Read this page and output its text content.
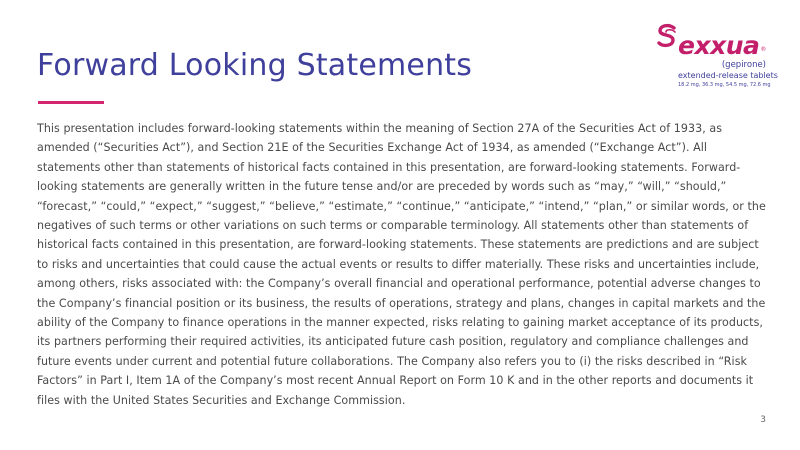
Forward Looking Statements
exxua®
(gepirone)
extended-release tablets
18.2 mg, 36.3 mg, 54.5 mg, 72.6 mg

This presentation includes forward-looking statements within the meaning of Section 27A of the Securities Act of 1933, as amended (“Securities Act”), and Section 21E of the Securities Exchange Act of 1934, as amended (“Exchange Act”). All statements other than statements of historical facts contained in this presentation, are forward-looking statements. Forward-looking statements are generally written in the future tense and/or are preceded by words such as “may,” “will,” “should,” “forecast,” “could,” “expect,” “suggest,” “believe,” “estimate,” “continue,” “anticipate,” “intend,” “plan,” or similar words, or the negatives of such terms or other variations on such terms or comparable terminology. All statements other than statements of historical facts contained in this presentation, are forward-looking statements. These statements are predictions and are subject to risks and uncertainties that could cause the actual events or results to differ materially. These risks and uncertainties include, among others, risks associated with: the Company’s overall financial and operational performance, potential adverse changes to the Company’s financial position or its business, the results of operations, strategy and plans, changes in capital markets and the ability of the Company to finance operations in the manner expected, risks relating to gaining market acceptance of its products, its partners performing their required activities, its anticipated future cash position, regulatory and compliance challenges and future events under current and potential future collaborations. The Company also refers you to (i) the risks described in “Risk Factors” in Part I, Item 1A of the Company’s most recent Annual Report on Form 10 K and in the other reports and documents it files with the United States Securities and Exchange Commission.

3
